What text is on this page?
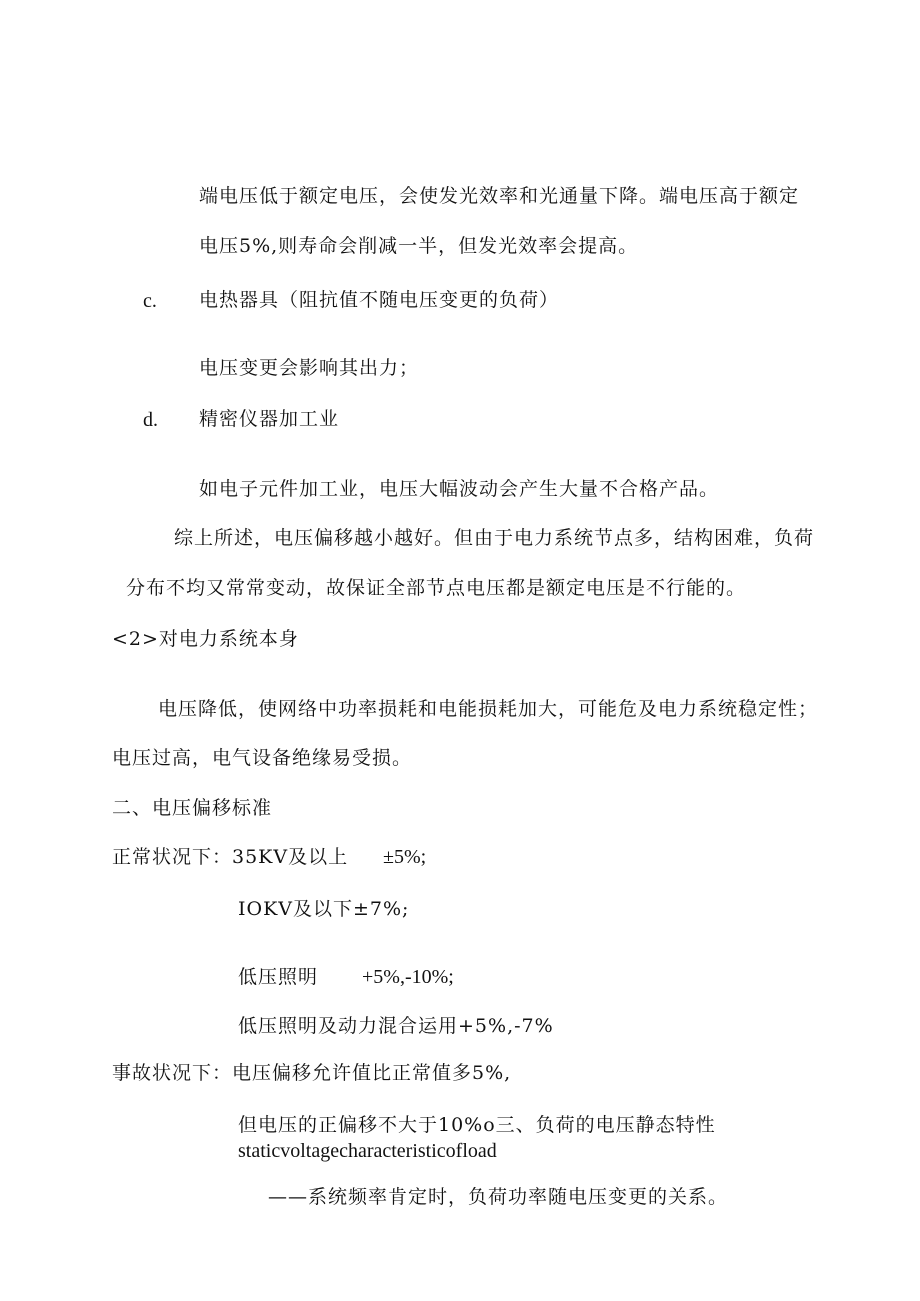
端电压低于额定电压，会使发光效率和光通量下降。端电压高于额定
电压5%,则寿命会削减一半，但发光效率会提高。
c. 电热器具（阻抗值不随电压变更的负荷）
电压变更会影响其出力；
d. 精密仪器加工业
如电子元件加工业，电压大幅波动会产生大量不合格产品。
综上所述，电压偏移越小越好。但由于电力系统节点多，结构困难，负荷
分布不均又常常变动，故保证全部节点电压都是额定电压是不行能的。
<2>对电力系统本身
电压降低，使网络中功率损耗和电能损耗加大，可能危及电力系统稳定性；
电压过高，电气设备绝缘易受损。
二、电压偏移标准
正常状况下：35KV及以上 ±5%;
IOKV及以下±7%;
低压照明 +5%,-10%;
低压照明及动力混合运用+5%,-7%
事故状况下：电压偏移允许值比正常值多5%,
但电压的正偏移不大于10%o三、负荷的电压静态特性
staticvoltagecharacteristicofload
——系统频率肯定时，负荷功率随电压变更的关系。
